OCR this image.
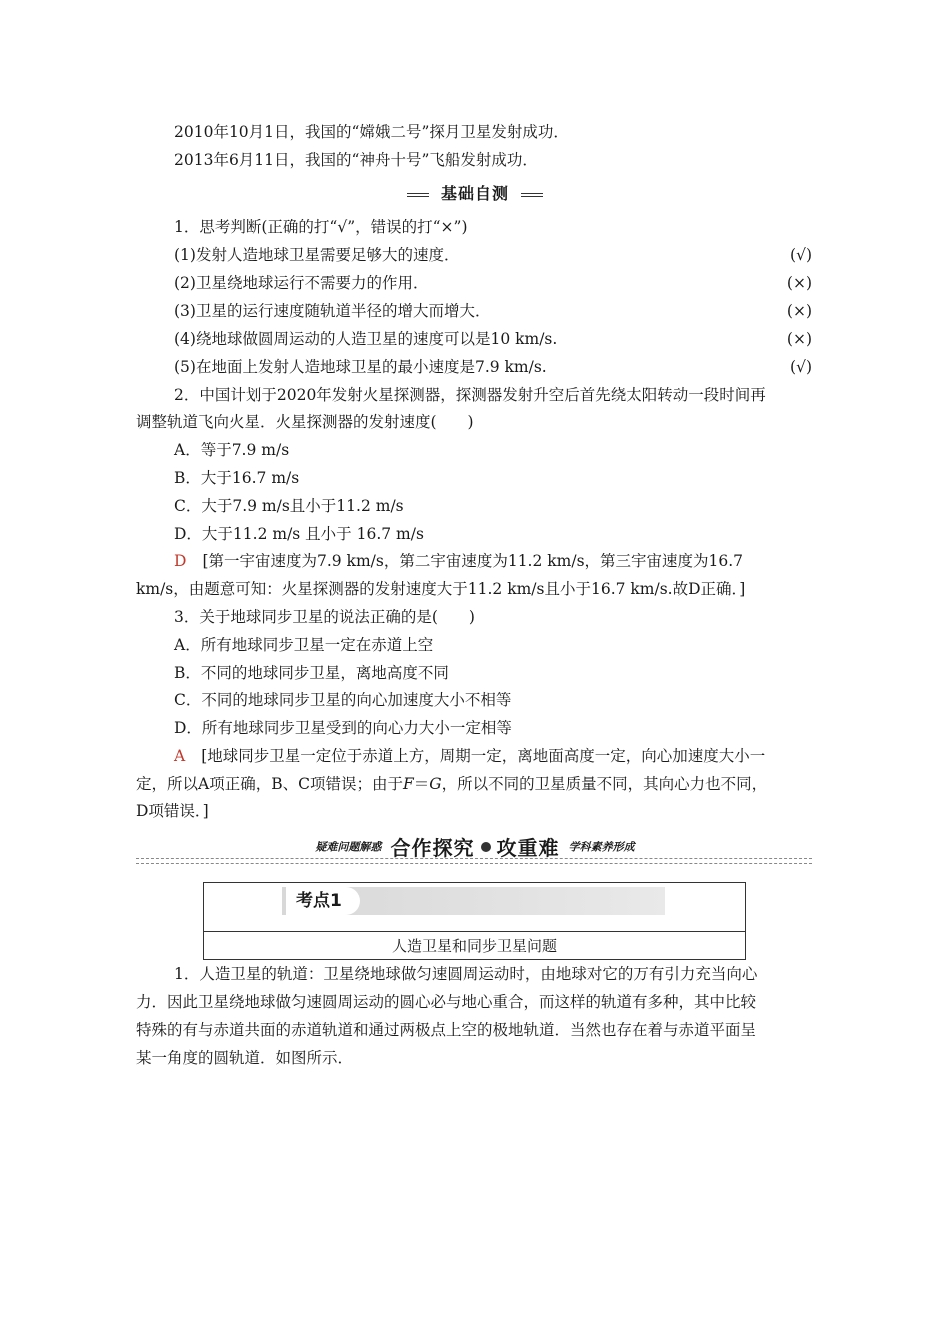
2010年10月1日，我国的“嫦娥二号”探月卫星发射成功．
2013年6月11日，我国的“神舟十号”飞船发射成功．
基础自测
1．思考判断(正确的打“√”，错误的打“×”)
(1)发射人造地球卫星需要足够大的速度．	(√)
(2)卫星绕地球运行不需要力的作用．	(×)
(3)卫星的运行速度随轨道半径的增大而增大．	(×)
(4)绕地球做圆周运动的人造卫星的速度可以是10 km/s.	(×)
(5)在地面上发射人造地球卫星的最小速度是7.9 km/s.	(√)
2．中国计划于2020年发射火星探测器，探测器发射升空后首先绕太阳转动一段时间再
调整轨道飞向火星．火星探测器的发射速度(　　)
A．等于7.9 m/s
B．大于16.7 m/s
C．大于7.9 m/s且小于11.2 m/s
D．大于11.2 m/s 且小于 16.7 m/s
D [第一宇宙速度为7.9 km/s，第二宇宙速度为11.2 km/s，第三宇宙速度为16.7
km/s，由题意可知：火星探测器的发射速度大于11.2 km/s且小于16.7 km/s.故D正确．]
3．关于地球同步卫星的说法正确的是(　　)
A．所有地球同步卫星一定在赤道上空
B．不同的地球同步卫星，离地高度不同
C．不同的地球同步卫星的向心加速度大小不相等
D．所有地球同步卫星受到的向心力大小一定相等
A [地球同步卫星一定位于赤道上方，周期一定，离地面高度一定，向心加速度大小一
定，所以A项正确，B、C项错误；由于F＝G，所以不同的卫星质量不同，其向心力也不同，
D项错误．]
疑难问题解惑 合作探究 攻重难 学科素养形成
考点1
人造卫星和同步卫星问题
1．人造卫星的轨道：卫星绕地球做匀速圆周运动时，由地球对它的万有引力充当向心
力．因此卫星绕地球做匀速圆周运动的圆心必与地心重合，而这样的轨道有多种，其中比较
特殊的有与赤道共面的赤道轨道和通过两极点上空的极地轨道．当然也存在着与赤道平面呈
某一角度的圆轨道．如图所示．
